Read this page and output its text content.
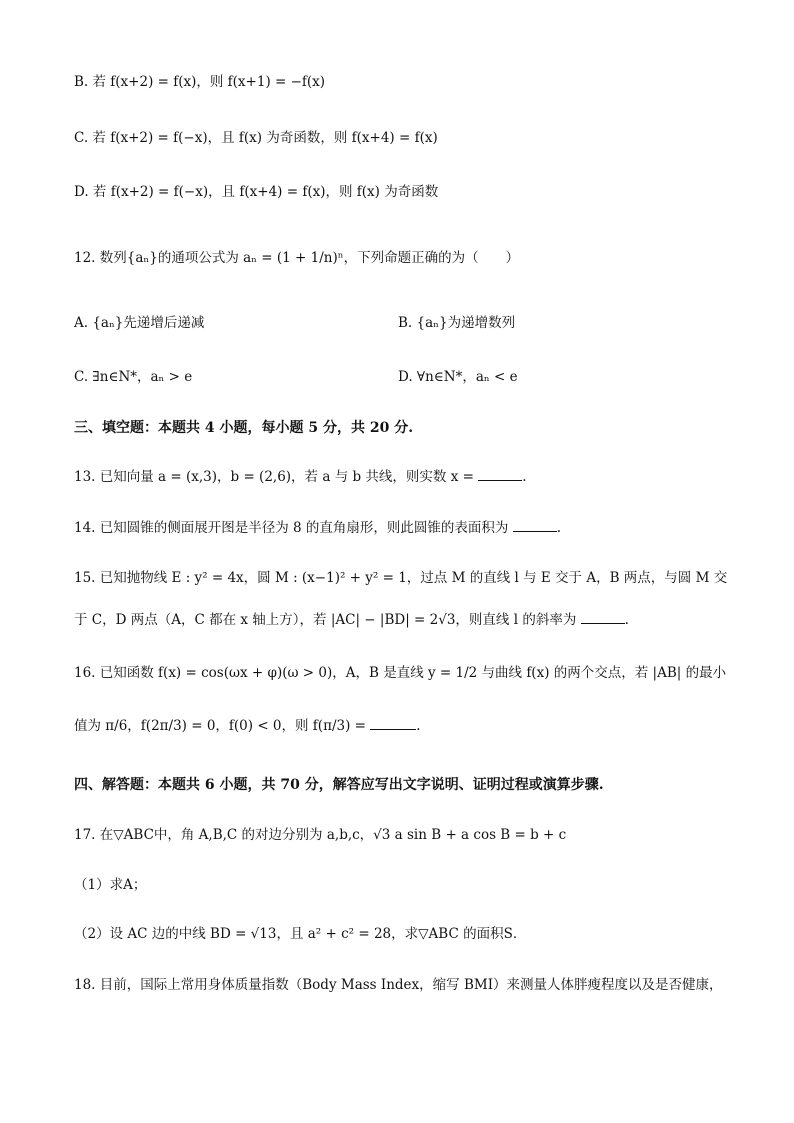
B. 若 f(x+2) = f(x)，则 f(x+1) = −f(x)
C. 若 f(x+2) = f(−x)，且 f(x) 为奇函数，则 f(x+4) = f(x)
D. 若 f(x+2) = f(−x)，且 f(x+4) = f(x)，则 f(x) 为奇函数
12. 数列{aₙ}的通项公式为 aₙ = (1 + 1/n)ⁿ，下列命题正确的为（　　）
A. {aₙ}先递增后递减	B. {aₙ}为递增数列
C. ∃n∈N*，aₙ > e	D. ∀n∈N*，aₙ < e
三、填空题：本题共 4 小题，每小题 5 分，共 20 分.
13. 已知向量 a = (x,3)，b = (2,6)，若 a 与 b 共线，则实数 x =	.
14. 已知圆锥的侧面展开图是半径为 8 的直角扇形，则此圆锥的表面积为	.
15. 已知抛物线 E : y² = 4x，圆 M : (x−1)² + y² = 1，过点 M 的直线 l 与 E 交于 A，B 两点，与圆 M 交
于 C，D 两点（A，C 都在 x 轴上方），若 |AC| − |BD| = 2√3，则直线 l 的斜率为	.
16. 已知函数 f(x) = cos(ωx + φ)(ω > 0)，A，B 是直线 y = 1/2 与曲线 f(x) 的两个交点，若 |AB| 的最小
值为 π/6，f(2π/3) = 0，f(0) < 0，则 f(π/3) =	.
四、解答题：本题共 6 小题，共 70 分，解答应写出文字说明、证明过程或演算步骤.
17. 在▽ABC中，角 A,B,C 的对边分别为 a,b,c，√3 a sin B + a cos B = b + c
（1）求A；
（2）设 AC 边的中线 BD = √13，且 a² + c² = 28，求▽ABC 的面积S．
18. 目前，国际上常用身体质量指数（Body Mass Index，缩写 BMI）来测量人体胖瘦程度以及是否健康，
